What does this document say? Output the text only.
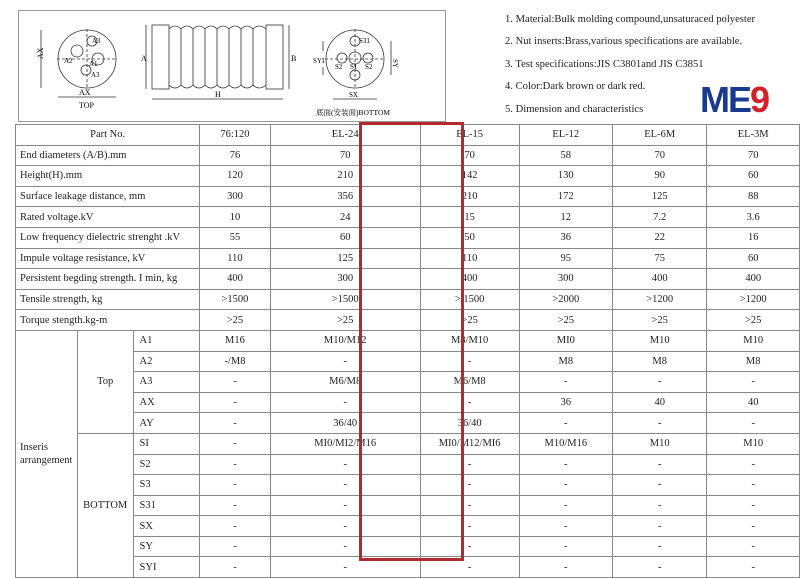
AX
A3
A2 A1
A3
AX
TOP
A	B
H
S31
S2 S1 S2
SYI	SY
SX
底面(安装面)BOTTOM
1. Material:Bulk molding compound,unsaturaced polyester
2. Nut inserts:Brass,various specifications are available.
3. Test specifications:JIS C3801and JIS C3851
4. Color:Dark brown or dark red.
5. Dimension and characteristics	ME9
Part No.			76:120	EL-24	EL-15	EL-12	EL-6M	EL-3M
End diameters (A/B).mm			76	70	70	58	70	70
Height(H).mm			120	210	142	130	90	60
Surface leakage distance, mm			300	356	210	172	125	88
Rated voltage.kV			10	24	15	12	7.2	3.6
Low frequency dielectric strenght .kV			55	60	50	36	22	16
Impule voltage resistance, kV			110	125	110	95	75	60
Persistent begding strength. I min, kg			400	300	400	300	400	400
Tensile strength, kg			>1500	>1500	> 1500	>2000	>1200	>1200
Torque stength.kg-m			>25	>25	>25	>25	>25	>25
Inseris arrangement	Top	A1	M16	M10/M12	M8/M10	MI0	M10	M10
		A2	-/M8	-	-	M8	M8	M8
		A3	-	M6/M8	M6/M8	-	-	-
		AX	-	-	-	36	40	40
		AY	-	36/40	36/40	-	-	-
	BOTTOM	SI	-	MI0/MI2/M16	MI0/M12/MI6	M10/M16	M10	M10
		S2	-	-	-	-	-	-
		S3	-	-	-	-	-	-
		S31	-	-	-	-	-	-
		SX	-	-	-	-	-	-
		SY	-	-	-	-	-	-
		SYI	-	-	-	-	-	-
